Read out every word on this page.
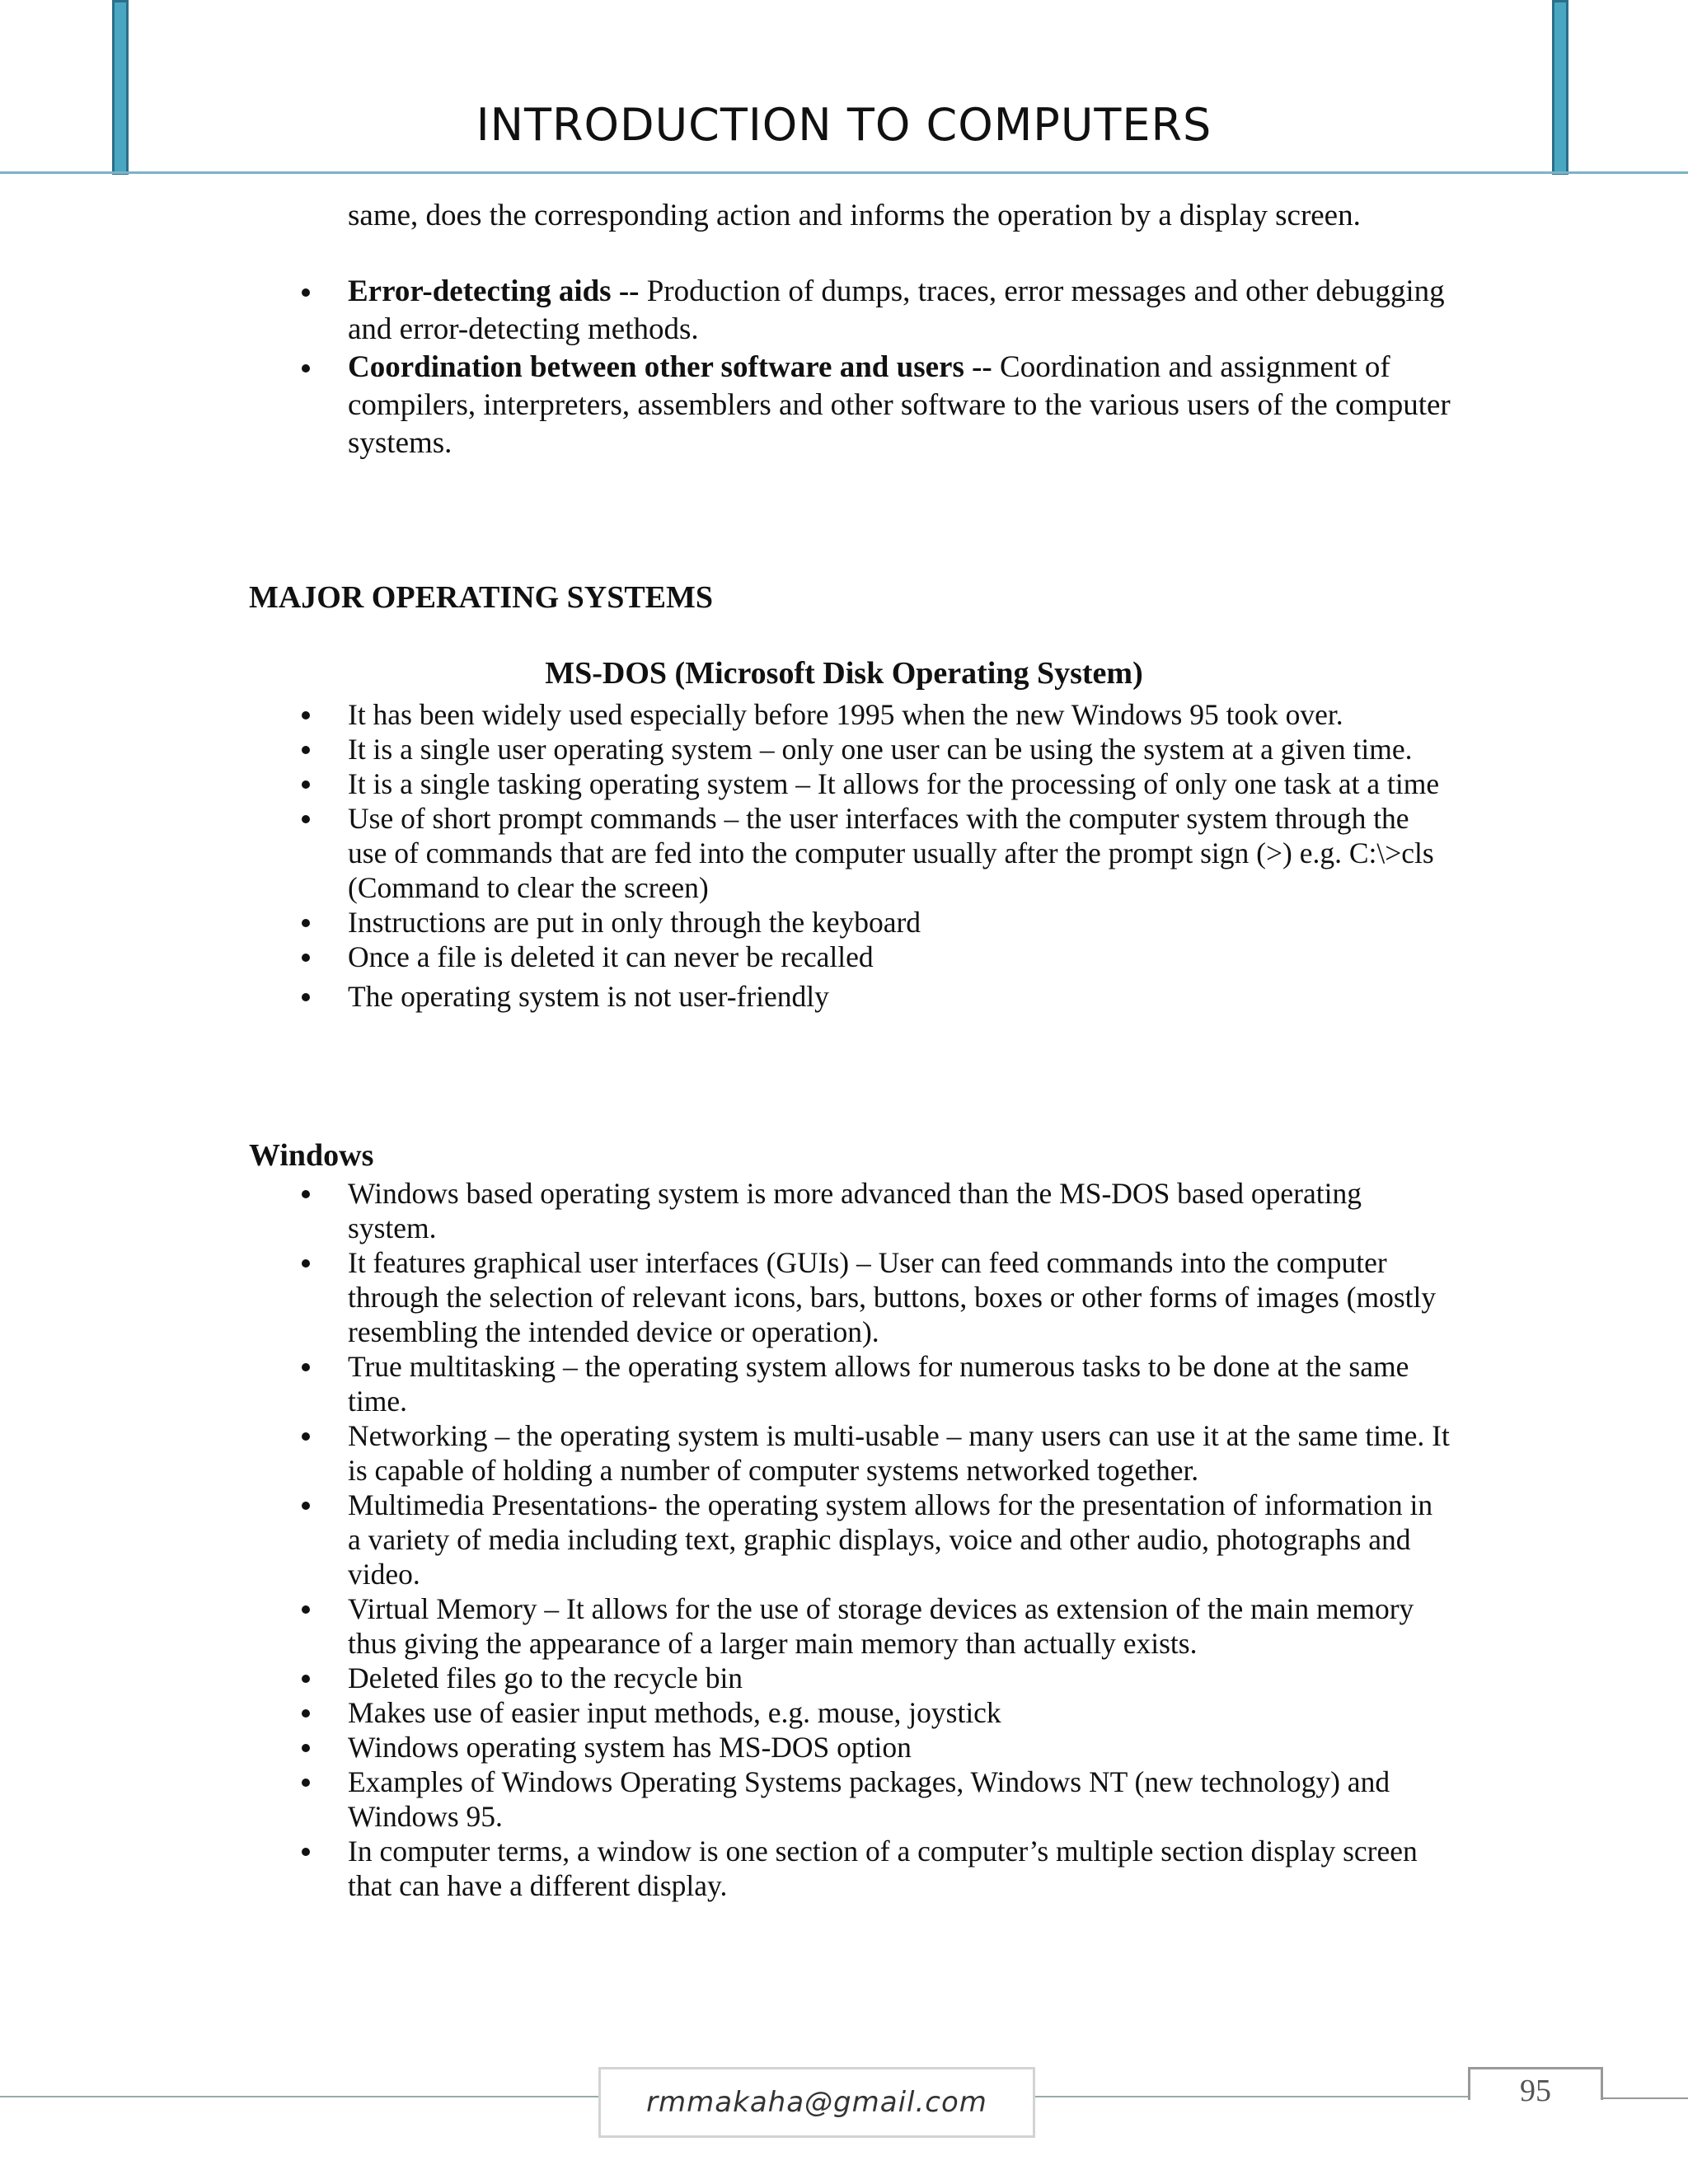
INTRODUCTION TO COMPUTERS
same, does the corresponding action and informs the operation by a display screen.
Error-detecting aids -- Production of dumps, traces, error messages and other debugging and error-detecting methods.
Coordination between other software and users -- Coordination and assignment of compilers, interpreters, assemblers and other software to the various users of the computer systems.
MAJOR OPERATING SYSTEMS
MS-DOS (Microsoft Disk Operating System)
It has been widely used especially before 1995 when the new Windows 95 took over.
It is a single user operating system – only one user can be using the system at a given time.
It is a single tasking operating system – It allows for the processing of only one task at a time
Use of short prompt commands – the user interfaces with the computer system through the use of commands that are fed into the computer usually after the prompt sign (>) e.g. C:\>cls (Command to clear the screen)
Instructions are put in only through the keyboard
Once a file is deleted it can never be recalled
The operating system is not user-friendly
Windows
Windows based operating system is more advanced than the MS-DOS based operating system.
It features graphical user interfaces (GUIs) – User can feed commands into the computer through the selection of relevant icons, bars, buttons, boxes or other forms of images (mostly resembling the intended device or operation).
True multitasking – the operating system allows for numerous tasks to be done at the same time.
Networking – the operating system is multi-usable – many users can use it at the same time. It is capable of holding a number of computer systems networked together.
Multimedia Presentations- the operating system allows for the presentation of information in a variety of media including text, graphic displays, voice and other audio, photographs and video.
Virtual Memory – It allows for the use of storage devices as extension of the main memory thus giving the appearance of a larger main memory than actually exists.
Deleted files go to the recycle bin
Makes use of easier input methods, e.g. mouse, joystick
Windows operating system has MS-DOS option
Examples of Windows Operating Systems packages, Windows NT (new technology) and Windows 95.
In computer terms, a window is one section of a computer’s multiple section display screen that can have a different display.
rmmakaha@gmail.com	95
